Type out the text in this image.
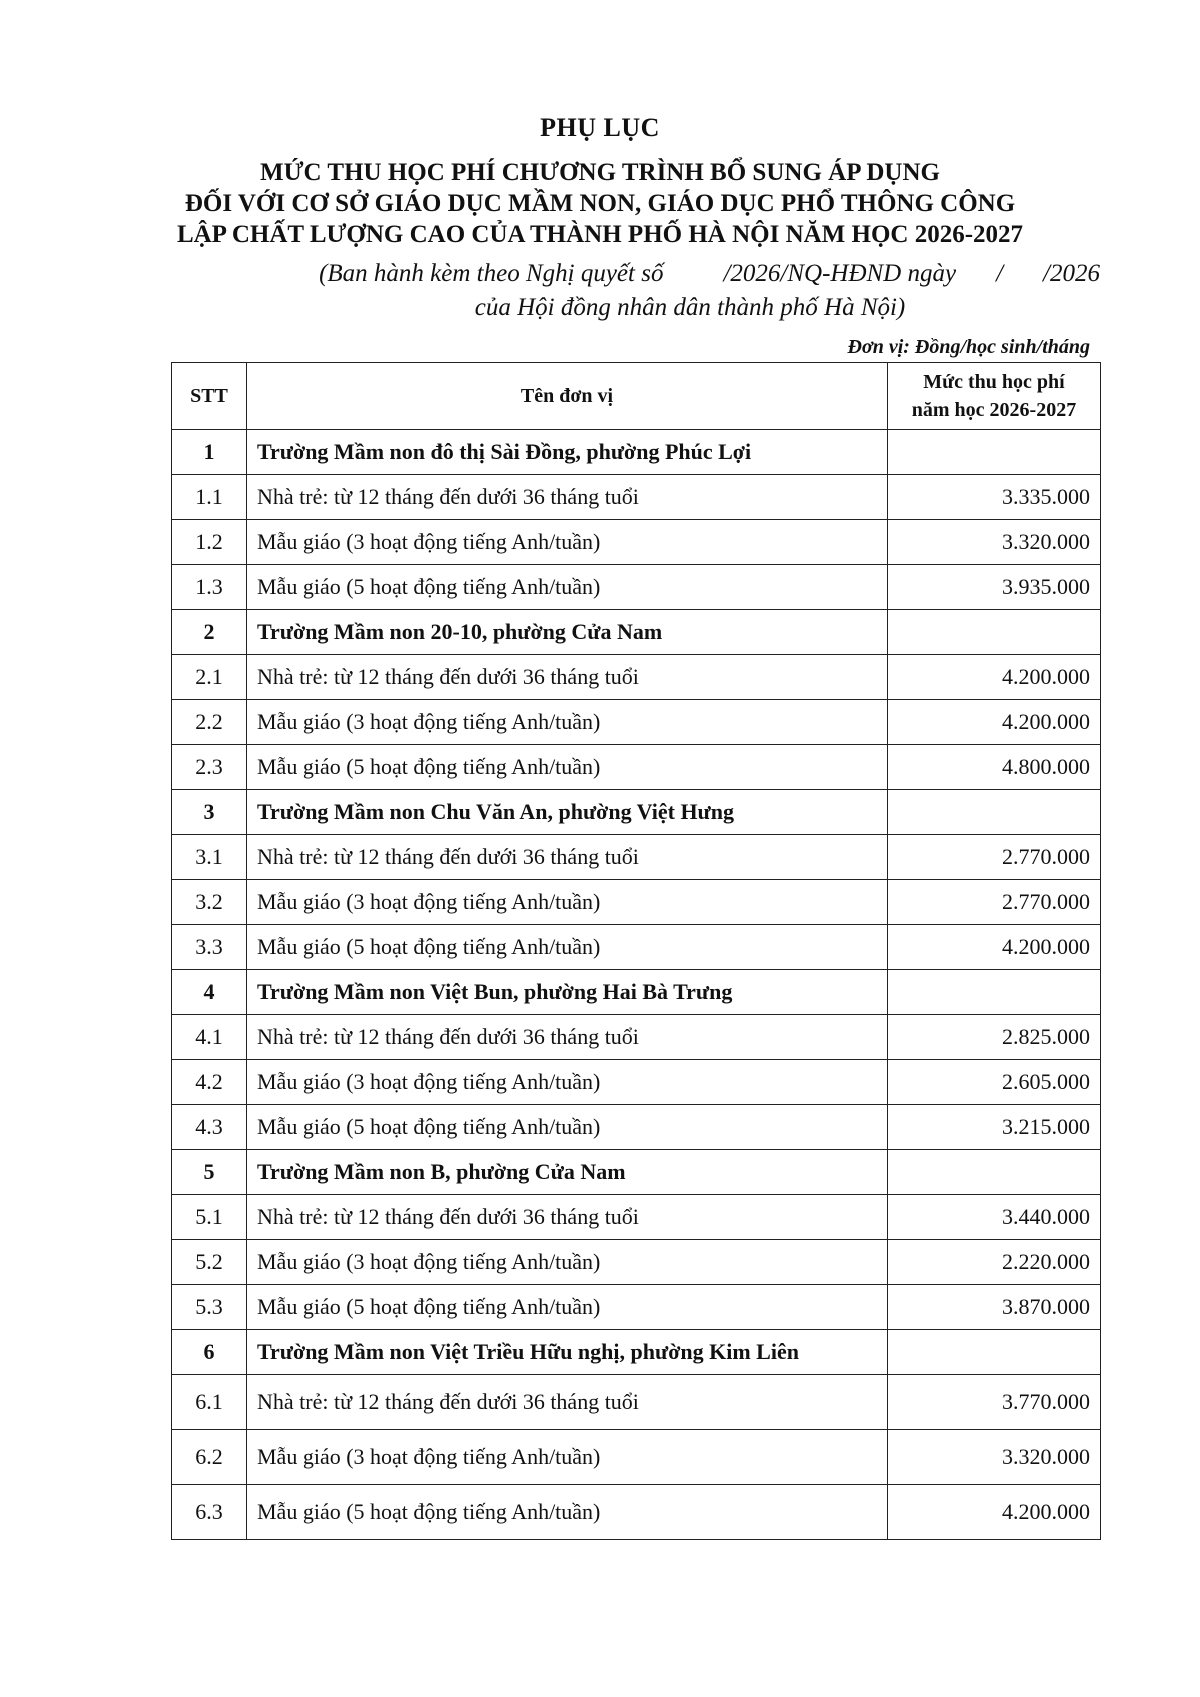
PHỤ LỤC
MỨC THU HỌC PHÍ CHƯƠNG TRÌNH BỔ SUNG ÁP DỤNG
ĐỐI VỚI CƠ SỞ GIÁO DỤC MẦM NON, GIÁO DỤC PHỔ THÔNG CÔNG
LẬP CHẤT LƯỢNG CAO CỦA THÀNH PHỐ HÀ NỘI NĂM HỌC 2026-2027
(Ban hành kèm theo Nghị quyết số /2026/NQ-HĐND ngày / /2026
của Hội đồng nhân dân thành phố Hà Nội)
Đơn vị: Đồng/học sinh/tháng
STT	Tên đơn vị	Mức thu học phí
năm học 2026-2027

1	Trường Mầm non đô thị Sài Đồng, phường Phúc Lợi	
1.1	Nhà trẻ: từ 12 tháng đến dưới 36 tháng tuổi	3.335.000
1.2	Mẫu giáo (3 hoạt động tiếng Anh/tuần)	3.320.000
1.3	Mẫu giáo (5 hoạt động tiếng Anh/tuần)	3.935.000
2	Trường Mầm non 20-10, phường Cửa Nam	
2.1	Nhà trẻ: từ 12 tháng đến dưới 36 tháng tuổi	4.200.000
2.2	Mẫu giáo (3 hoạt động tiếng Anh/tuần)	4.200.000
2.3	Mẫu giáo (5 hoạt động tiếng Anh/tuần)	4.800.000
3	Trường Mầm non Chu Văn An, phường Việt Hưng	
3.1	Nhà trẻ: từ 12 tháng đến dưới 36 tháng tuổi	2.770.000
3.2	Mẫu giáo (3 hoạt động tiếng Anh/tuần)	2.770.000
3.3	Mẫu giáo (5 hoạt động tiếng Anh/tuần)	4.200.000
4	Trường Mầm non Việt Bun, phường Hai Bà Trưng	
4.1	Nhà trẻ: từ 12 tháng đến dưới 36 tháng tuổi	2.825.000
4.2	Mẫu giáo (3 hoạt động tiếng Anh/tuần)	2.605.000
4.3	Mẫu giáo (5 hoạt động tiếng Anh/tuần)	3.215.000
5	Trường Mầm non B, phường Cửa Nam	
5.1	Nhà trẻ: từ 12 tháng đến dưới 36 tháng tuổi	3.440.000
5.2	Mẫu giáo (3 hoạt động tiếng Anh/tuần)	2.220.000
5.3	Mẫu giáo (5 hoạt động tiếng Anh/tuần)	3.870.000
6	Trường Mầm non Việt Triều Hữu nghị, phường Kim Liên	
6.1	Nhà trẻ: từ 12 tháng đến dưới 36 tháng tuổi	3.770.000
6.2	Mẫu giáo (3 hoạt động tiếng Anh/tuần)	3.320.000
6.3	Mẫu giáo (5 hoạt động tiếng Anh/tuần)	4.200.000
